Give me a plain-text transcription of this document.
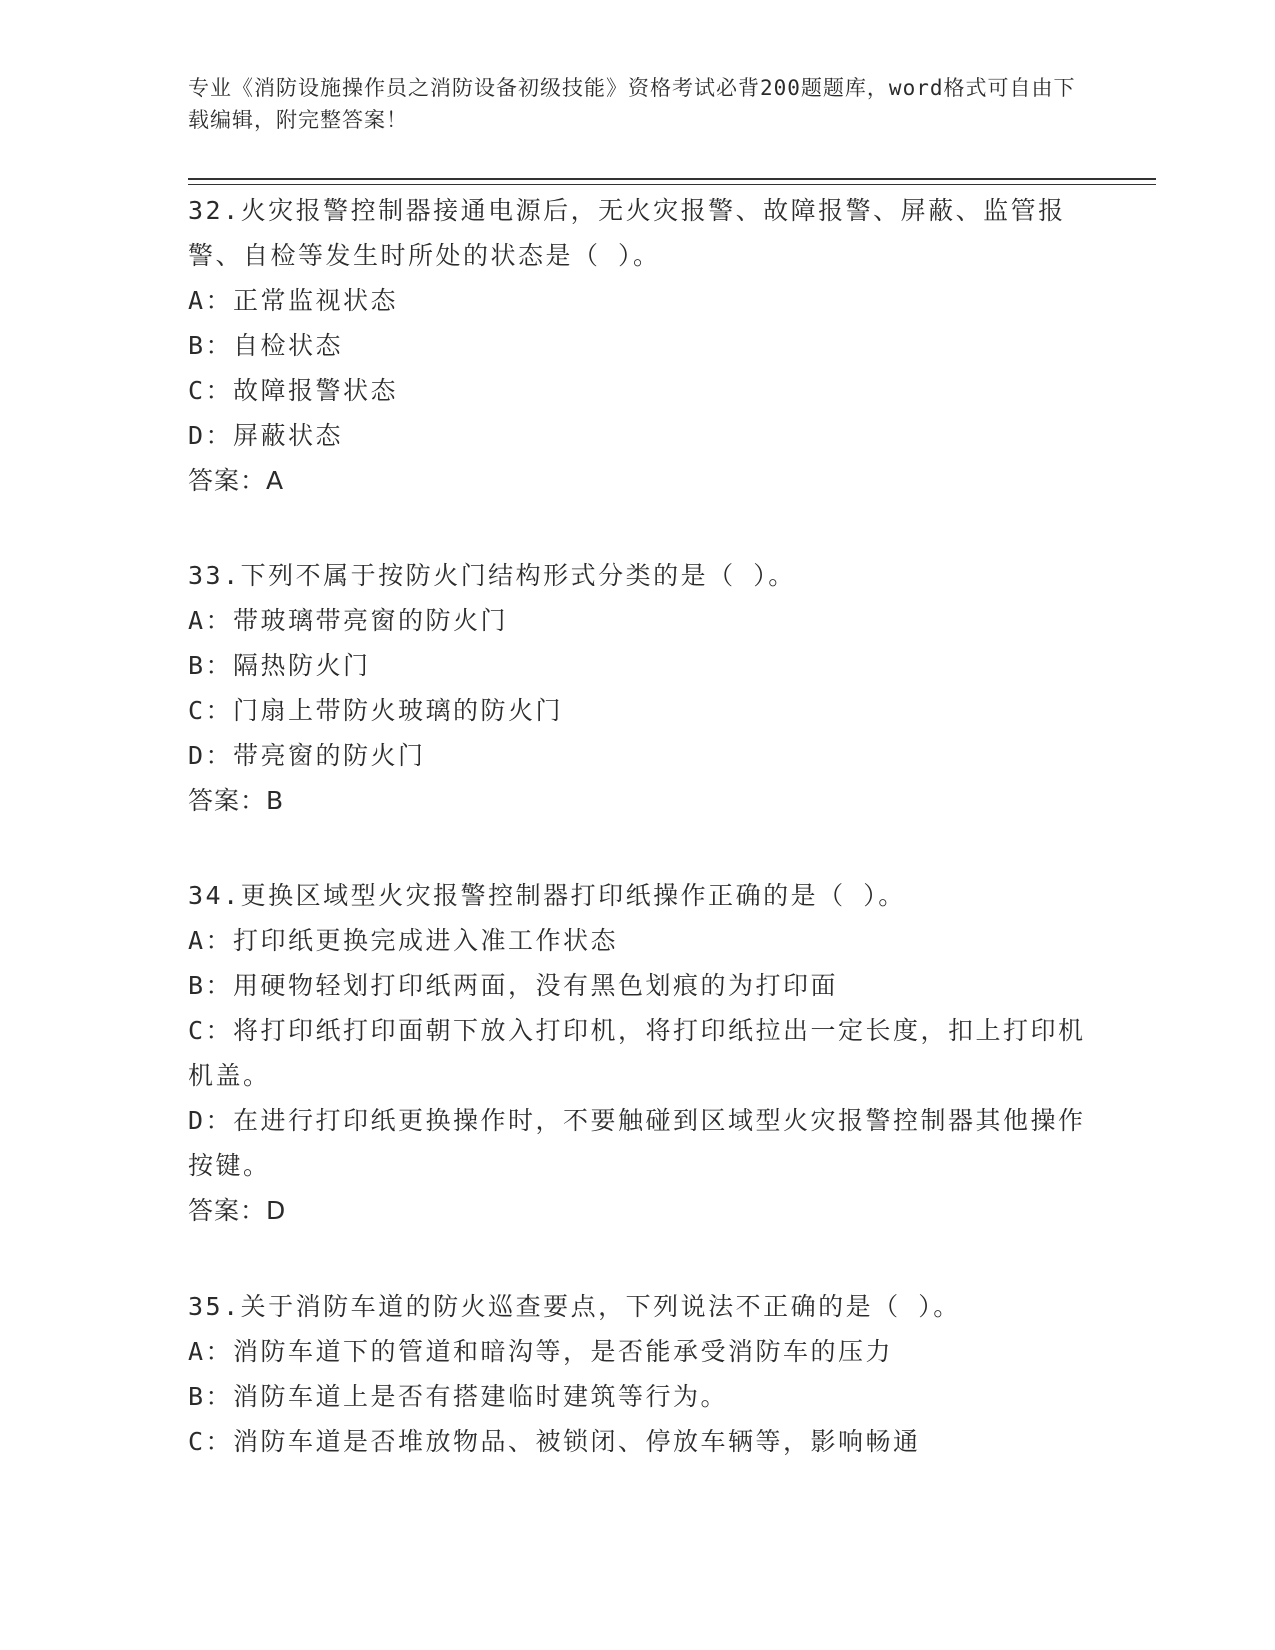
专业《消防设施操作员之消防设备初级技能》资格考试必背200题题库，word格式可自由下载编辑，附完整答案！
32.火灾报警控制器接通电源后，无火灾报警、故障报警、屏蔽、监管报警、自检等发生时所处的状态是（ ）。
A：正常监视状态
B：自检状态
C：故障报警状态
D：屏蔽状态
答案：A
33.下列不属于按防火门结构形式分类的是（ ）。
A：带玻璃带亮窗的防火门
B：隔热防火门
C：门扇上带防火玻璃的防火门
D：带亮窗的防火门
答案：B
34.更换区域型火灾报警控制器打印纸操作正确的是（ ）。
A：打印纸更换完成进入准工作状态
B：用硬物轻划打印纸两面，没有黑色划痕的为打印面
C：将打印纸打印面朝下放入打印机，将打印纸拉出一定长度，扣上打印机机盖。
D：在进行打印纸更换操作时，不要触碰到区域型火灾报警控制器其他操作按键。
答案：D
35.关于消防车道的防火巡查要点，下列说法不正确的是（ ）。
A：消防车道下的管道和暗沟等，是否能承受消防车的压力
B：消防车道上是否有搭建临时建筑等行为。
C：消防车道是否堆放物品、被锁闭、停放车辆等，影响畅通
